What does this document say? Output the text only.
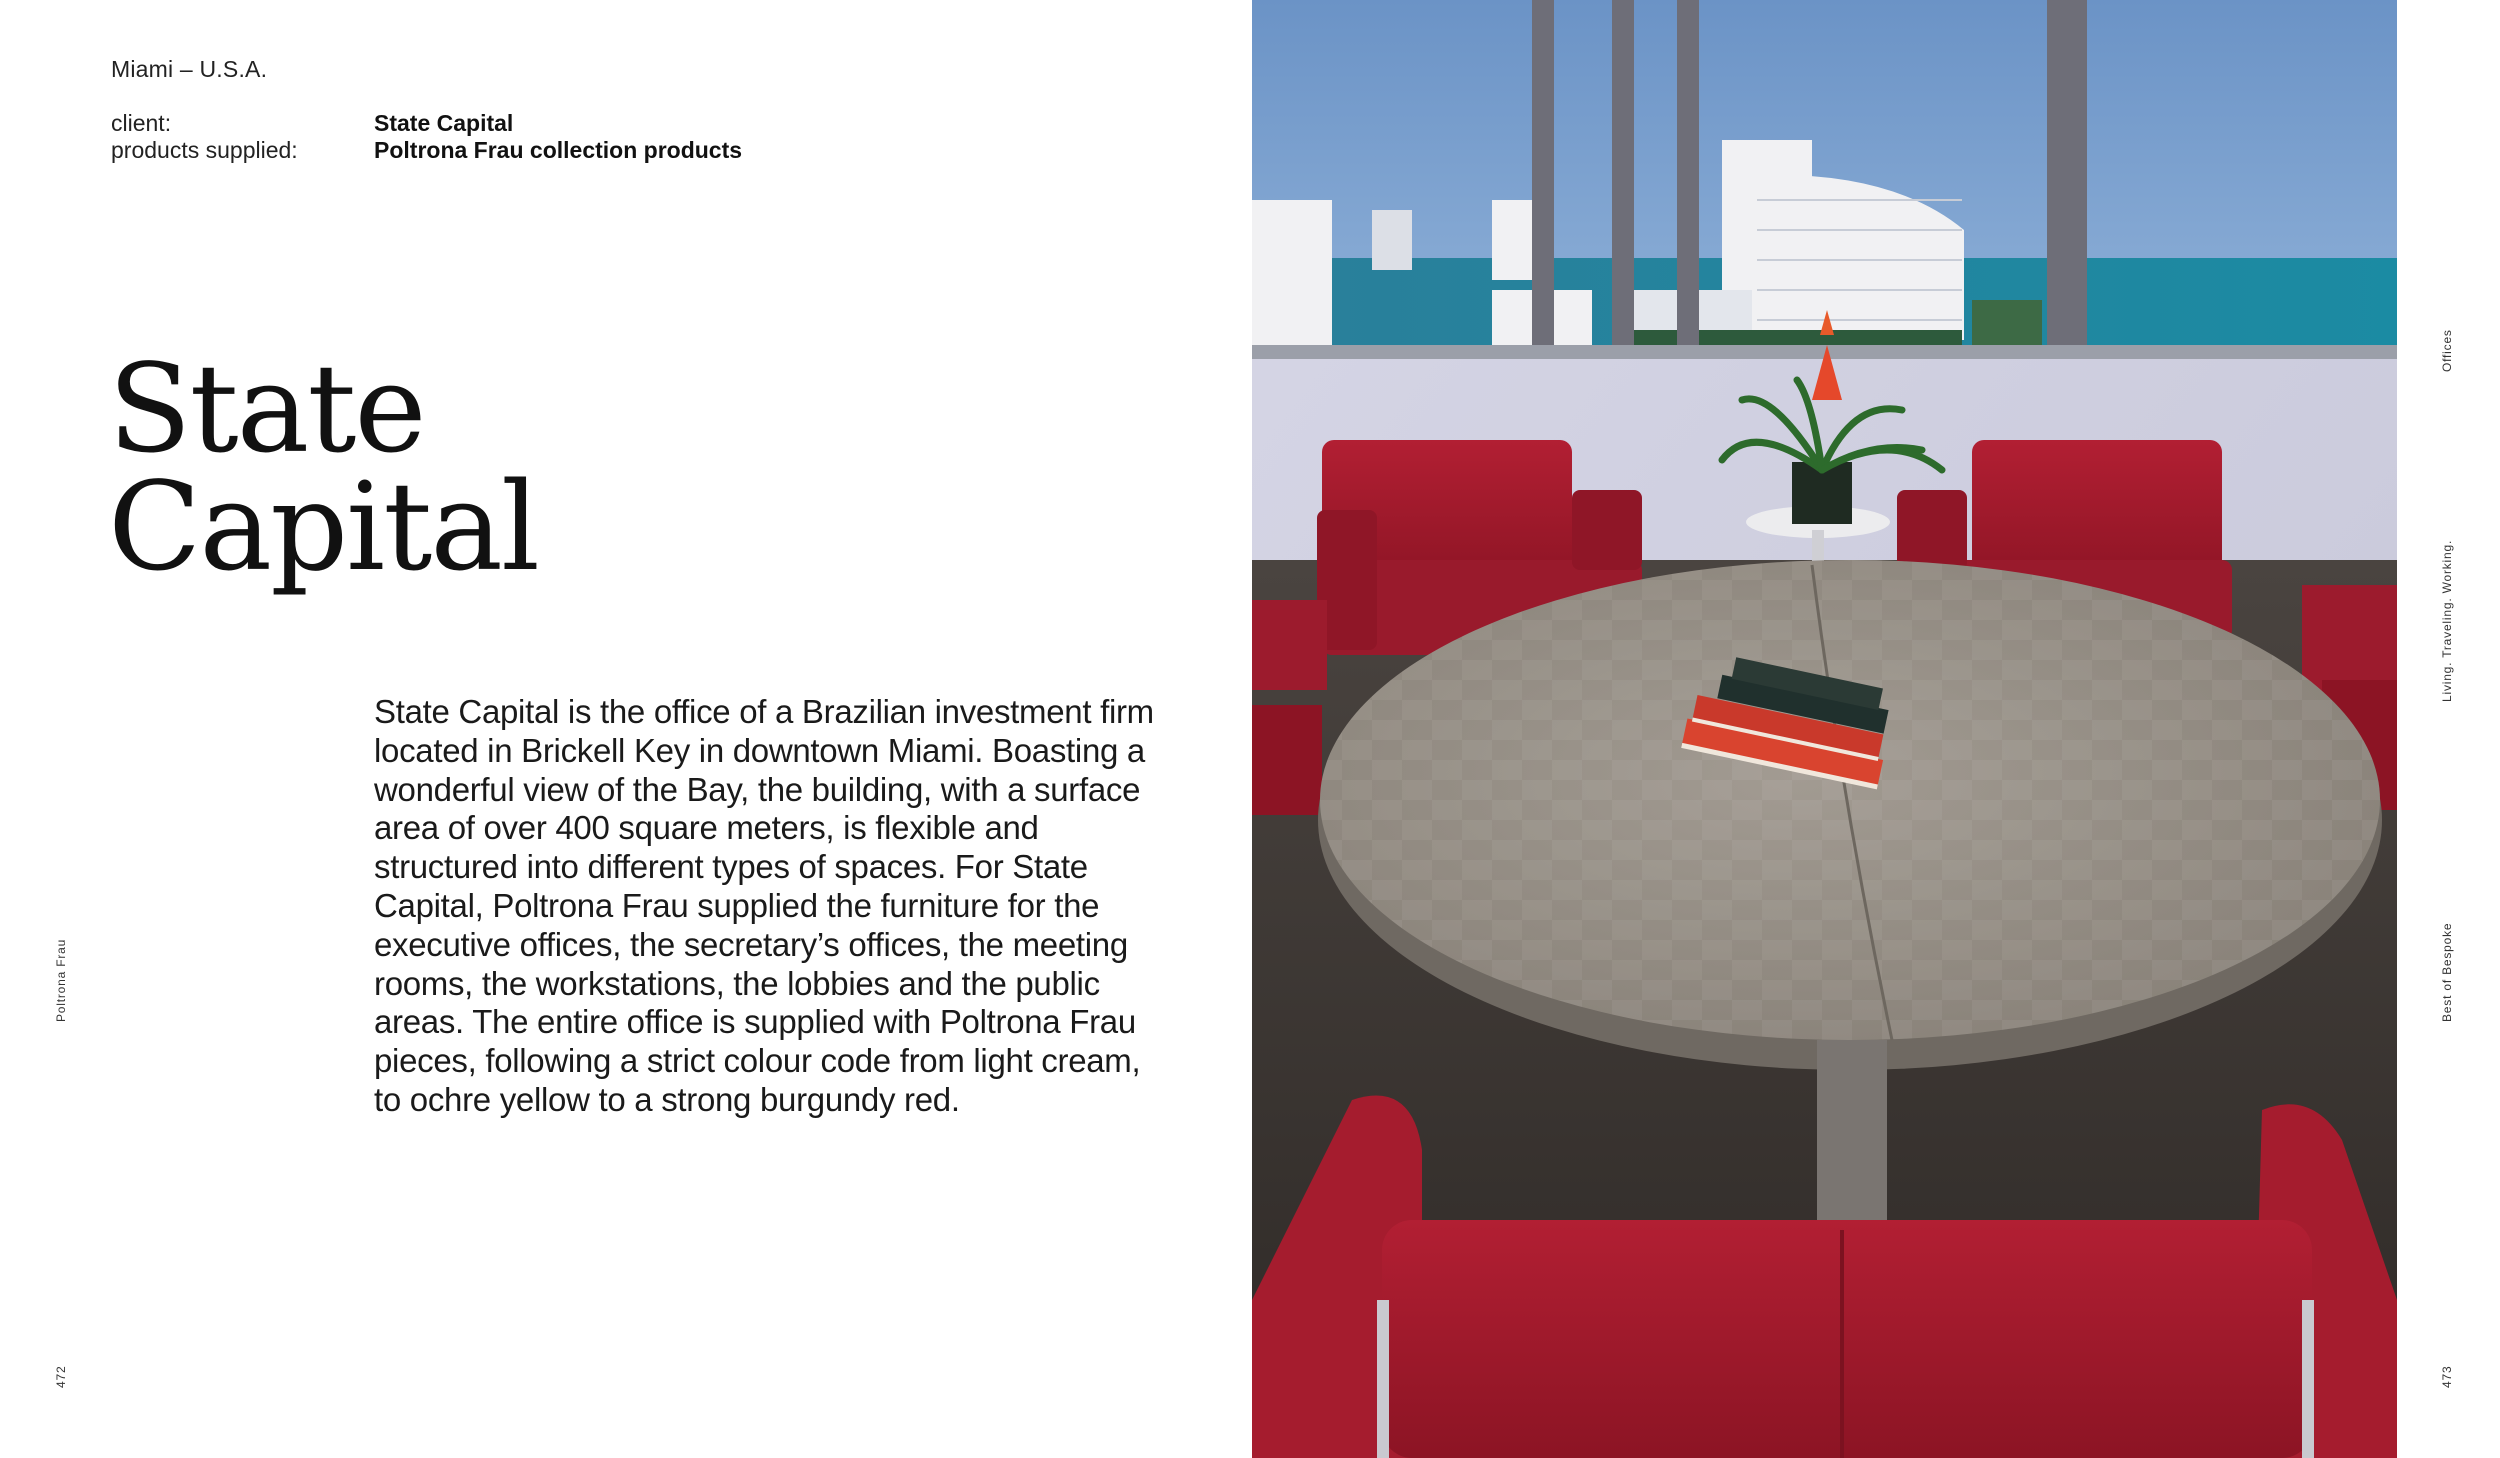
Miami – U.S.A.
client:	State Capital
products supplied:	Poltrona Frau collection products
State
Capital

State Capital is the office of a Brazilian investment firm located in Brickell Key in downtown Miami. Boasting a wonderful view of the Bay, the building, with a surface area of over 400 square meters, is flexible and structured into different types of spaces. For State Capital, Poltrona Frau supplied the furniture for the executive offices, the secretary’s offices, the meeting rooms, the workstations, the lobbies and the public areas. The entire office is supplied with Poltrona Frau pieces, following a strict colour code from light cream, to ochre yellow to a strong burgundy red.

Poltrona Frau
472
Offices
Living. Traveling. Working.
Best of Bespoke
473
